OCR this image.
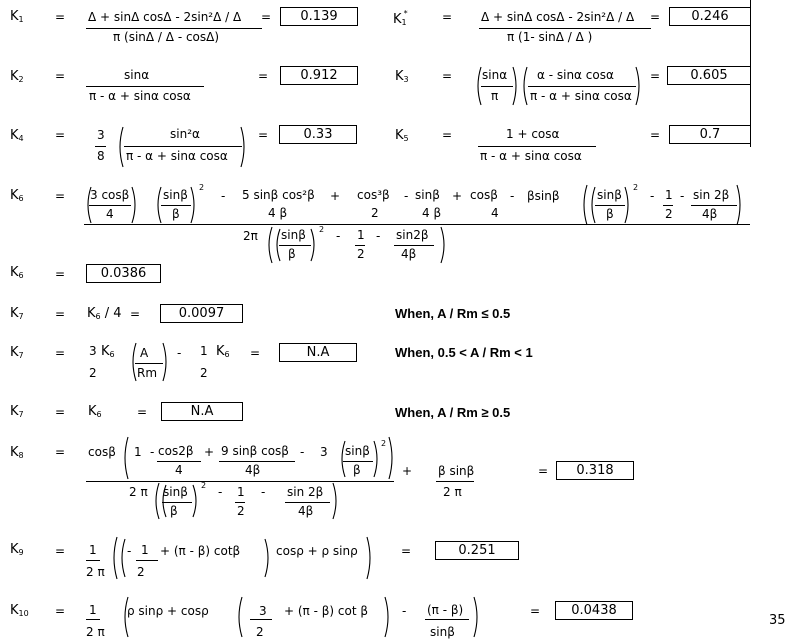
$K_1$	= Δ + sinΔ cosΔ - 2sin²Δ / Δ
π (sinΔ / Δ - cosΔ)
=	0.139	$K_1^*$	= Δ + sinΔ cosΔ - 2sin²Δ / Δ
π (1- sinΔ / Δ )
=	0.246
$K_2$	=	sinα
π - α + sinα cosα
=	0.912	$K_3$	= sinα
π
α - sinα cosα
π - α + sinα cosα
=	0.605
$K_4$	=	3
8
sin²α
π - α + sinα cosα
=	0.33	$K_5$	=	1 + cosα
π - α + sinα cosα
=	0.7
$K_6$	= 3 cosβ
4
sinβ
β
2
- 5 sinβ cos²β
4 β
+ cos³β
2
- sinβ
4 β
+ cosβ
4
- βsinβ	sinβ
β
2
- 1
2
- sin 2β
4β
2π sinβ
β
2 - 1
2
- sin2β
4β
$K_6$	=	0.0386
$K_7$	= $K_6 / 4$ =	0.0097	When, A / Rm ≤ 0.5
$K_7$	= 3
2
$K_6$ A
Rm
- 1
2
$K_6$ =	N.A	When, 0.5 < A / Rm < 1
$K_7$	= $K_6$	=	N.A	When, A / Rm ≥ 0.5
$K_8$	= cosβ 1 - cos2β
4
+ 9 sinβ cosβ
4β
- 3 sinβ
β
2
+ β sinβ
2 π
=	0.318
2 π sinβ
β
2 - 1
2
- sin 2β
4β
$K_9$	= 1
2 π
- 1
2
+ (π - β) cotβ	cosρ + ρ sinρ	=	0.251
$K_{10} = 1$
2 π
ρ sinρ + cosρ	3
2
+ (π - β) cot β	- (π - β)
sinβ
=	0.0438
35
